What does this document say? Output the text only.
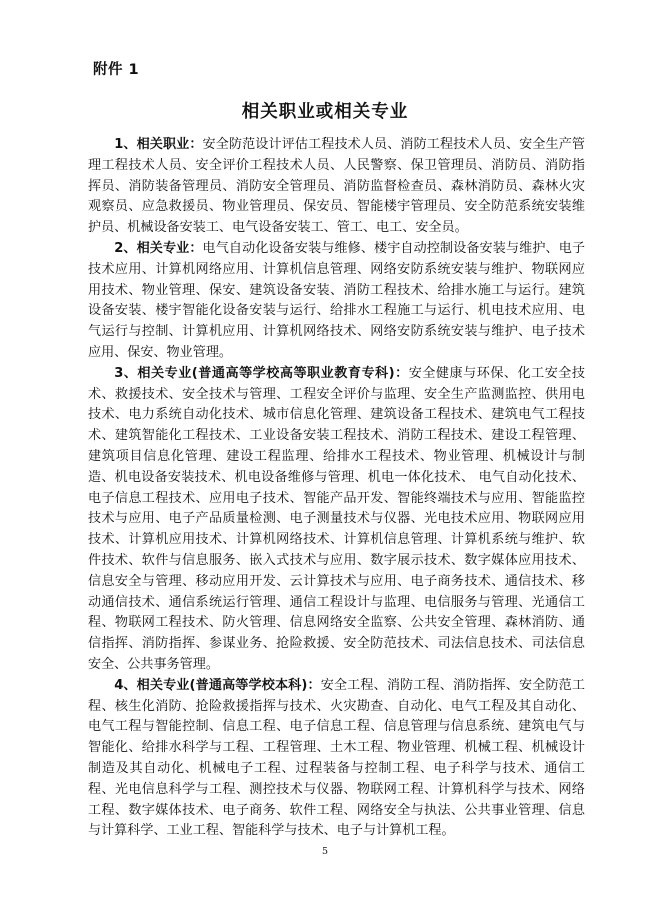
附件 1
相关职业或相关专业

1、相关职业：安全防范设计评估工程技术人员、消防工程技术人员、安全生产管理工程技术人员、安全评价工程技术人员、人民警察、保卫管理员、消防员、消防指挥员、消防装备管理员、消防安全管理员、消防监督检查员、森林消防员、森林火灾观察员、应急救援员、物业管理员、保安员、智能楼宇管理员、安全防范系统安装维护员、机械设备安装工、电气设备安装工、管工、电工、安全员。

2、相关专业：电气自动化设备安装与维修、楼宇自动控制设备安装与维护、电子技术应用、计算机网络应用、计算机信息管理、网络安防系统安装与维护、物联网应用技术、物业管理、保安、建筑设备安装、消防工程技术、给排水施工与运行。建筑设备安装、楼宇智能化设备安装与运行、给排水工程施工与运行、机电技术应用、电气运行与控制、计算机应用、计算机网络技术、网络安防系统安装与维护、电子技术应用、保安、物业管理。

3、相关专业(普通高等学校高等职业教育专科)：安全健康与环保、化工安全技术、救援技术、安全技术与管理、工程安全评价与监理、安全生产监测监控、供用电技术、电力系统自动化技术、城市信息化管理、建筑设备工程技术、建筑电气工程技术、建筑智能化工程技术、工业设备安装工程技术、消防工程技术、建设工程管理、建筑项目信息化管理、建设工程监理、给排水工程技术、物业管理、机械设计与制造、机电设备安装技术、机电设备维修与管理、机电一体化技术、 电气自动化技术、电子信息工程技术、应用电子技术、智能产品开发、智能终端技术与应用、智能监控技术与应用、电子产品质量检测、电子测量技术与仪器、光电技术应用、物联网应用技术、计算机应用技术、计算机网络技术、计算机信息管理、计算机系统与维护、软件技术、软件与信息服务、嵌入式技术与应用、数字展示技术、数字媒体应用技术、信息安全与管理、移动应用开发、云计算技术与应用、电子商务技术、通信技术、移动通信技术、通信系统运行管理、通信工程设计与监理、电信服务与管理、光通信工程、物联网工程技术、防火管理、信息网络安全监察、公共安全管理、森林消防、通信指挥、消防指挥、参谋业务、抢险救援、安全防范技术、司法信息技术、司法信息安全、公共事务管理。

4、相关专业(普通高等学校本科)：安全工程、消防工程、消防指挥、安全防范工程、核生化消防、抢险救援指挥与技术、火灾勘查、自动化、电气工程及其自动化、电气工程与智能控制、信息工程、电子信息工程、信息管理与信息系统、建筑电气与智能化、给排水科学与工程、工程管理、土木工程、物业管理、机械工程、机械设计制造及其自动化、机械电子工程、过程装备与控制工程、电子科学与技术、通信工程、光电信息科学与工程、测控技术与仪器、物联网工程、计算机科学与技术、网络工程、数字媒体技术、电子商务、软件工程、网络安全与执法、公共事业管理、信息与计算科学、工业工程、智能科学与技术、电子与计算机工程。

5
